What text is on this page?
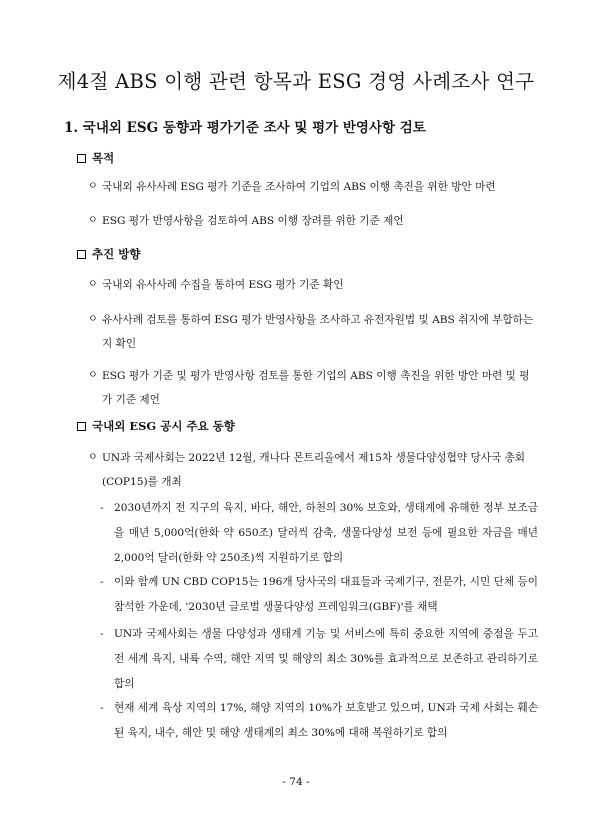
제4절 ABS 이행 관련 항목과 ESG 경영 사례조사 연구
1. 국내외 ESG 동향과 평가기준 조사 및 평가 반영사항 검토
목적
ㅇ 국내외 유사사례 ESG 평가 기준을 조사하여 기업의 ABS 이행 촉진을 위한 방안 마련
ㅇ ESG 평가 반영사항을 검토하여 ABS 이행 장려를 위한 기준 제언
추진 방향
ㅇ 국내외 유사사례 수집을 통하여 ESG 평가 기준 확인
ㅇ 유사사례 검토를 통하여 ESG 평가 반영사항을 조사하고 유전자원법 및 ABS 취지에 부합하는지 확인
ㅇ ESG 평가 기준 및 평가 반영사항 검토를 통한 기업의 ABS 이행 촉진을 위한 방안 마련 및 평가 기준 제언
국내외 ESG 공시 주요 동향
ㅇ UN과 국제사회는 2022년 12월, 캐나다 몬트리올에서 제15차 생물다양성협약 당사국 총회(COP15)를 개최
- 2030년까지 전 지구의 육지, 바다, 해안, 하천의 30% 보호와, 생태계에 유해한 정부 보조금을 매년 5,000억(한화 약 650조) 달러씩 감축, 생물다양성 보전 등에 필요한 자금을 매년 2,000억 달러(한화 약 250조)씩 지원하기로 합의
- 이와 함께 UN CBD COP15는 196개 당사국의 대표들과 국제기구, 전문가, 시민 단체 등이 참석한 가운데, '2030년 글로벌 생물다양성 프레임워크(GBF)'를 채택
- UN과 국제사회는 생물 다양성과 생태계 기능 및 서비스에 특히 중요한 지역에 중점을 두고 전 세계 육지, 내륙 수역, 해안 지역 및 해양의 최소 30%를 효과적으로 보존하고 관리하기로 합의
- 현재 세계 육상 지역의 17%, 해양 지역의 10%가 보호받고 있으며, UN과 국제 사회는 훼손된 육지, 내수, 해안 및 해양 생태계의 최소 30%에 대해 복원하기로 합의
- 74 -
